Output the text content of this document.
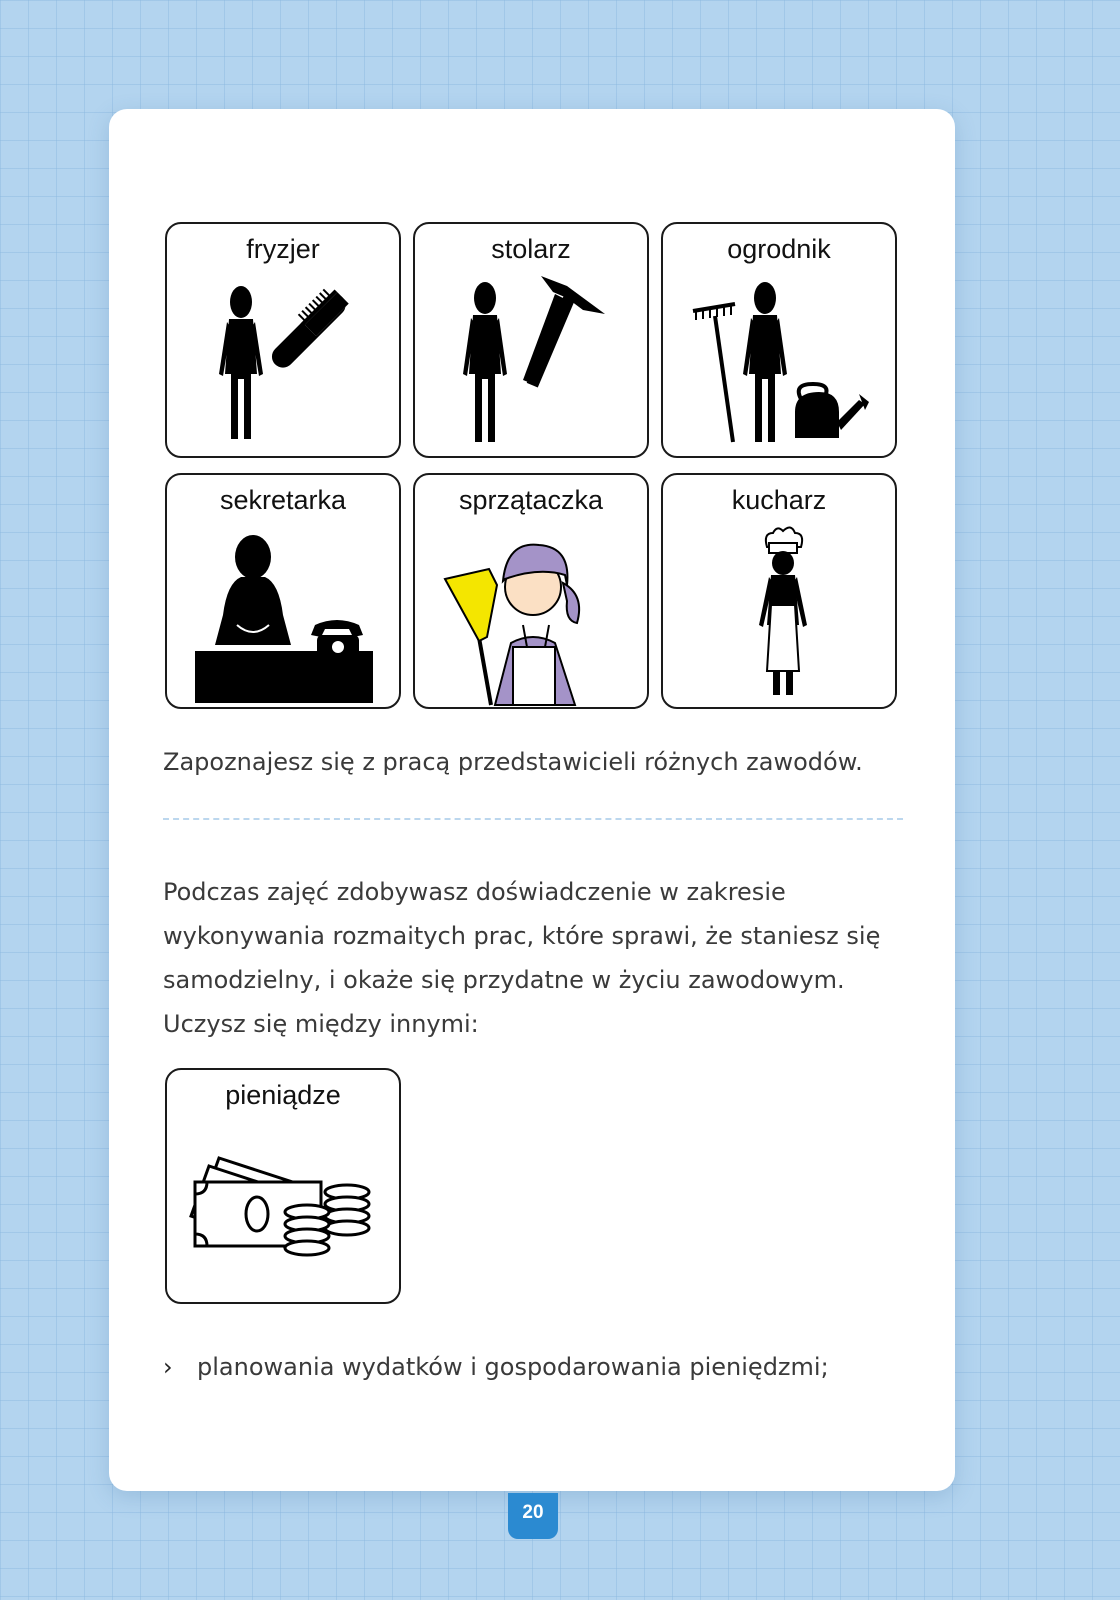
fryzjer	stolarz	ogrodnik
sekretarka	sprzątaczka	kucharz

Zapoznajesz się z pracą przedstawicieli różnych zawodów.

Podczas zajęć zdobywasz doświadczenie w zakresie wykonywania rozmaitych prac, które sprawi, że staniesz się samodzielny, i okaże się przydatne w życiu zawodowym. Uczysz się między innymi:

pieniądze
›	planowania wydatków i gospodarowania pieniędzmi;
20
